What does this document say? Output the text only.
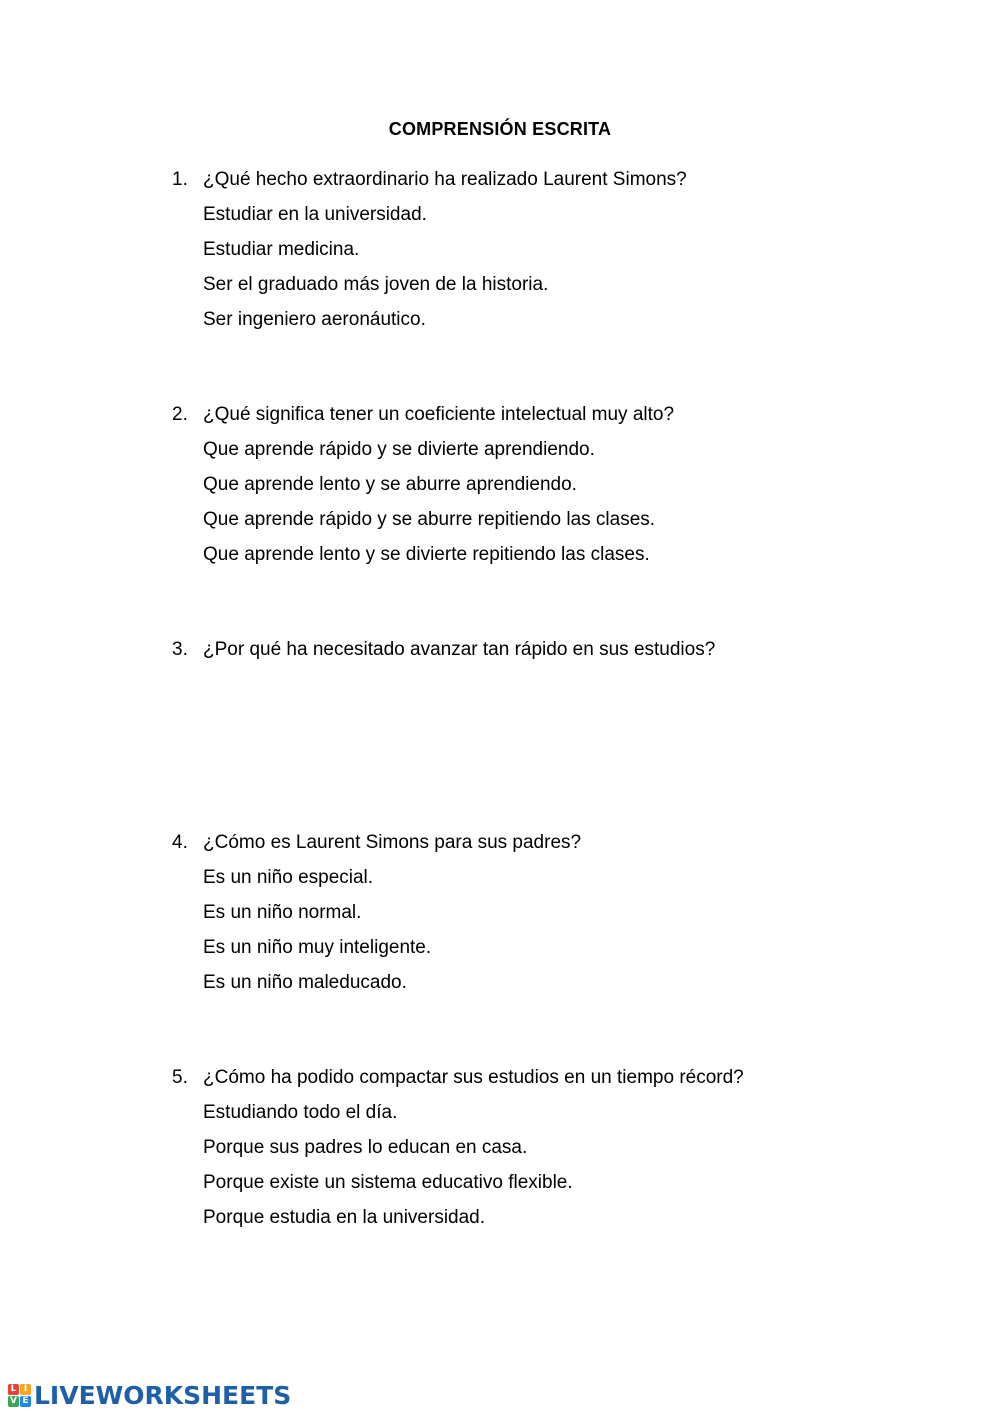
COMPRENSIÓN ESCRITA
1. ¿Qué hecho extraordinario ha realizado Laurent Simons?
Estudiar en la universidad.
Estudiar medicina.
Ser el graduado más joven de la historia.
Ser ingeniero aeronáutico.
2. ¿Qué significa tener un coeficiente intelectual muy alto?
Que aprende rápido y se divierte aprendiendo.
Que aprende lento y se aburre aprendiendo.
Que aprende rápido y se aburre repitiendo las clases.
Que aprende lento y se divierte repitiendo las clases.
3. ¿Por qué ha necesitado avanzar tan rápido en sus estudios?
4. ¿Cómo es Laurent Simons para sus padres?
Es un niño especial.
Es un niño normal.
Es un niño muy inteligente.
Es un niño maleducado.
5. ¿Cómo ha podido compactar sus estudios en un tiempo récord?
Estudiando todo el día.
Porque sus padres lo educan en casa.
Porque existe un sistema educativo flexible.
Porque estudia en la universidad.
L I
V E LIVEWORKSHEETS
